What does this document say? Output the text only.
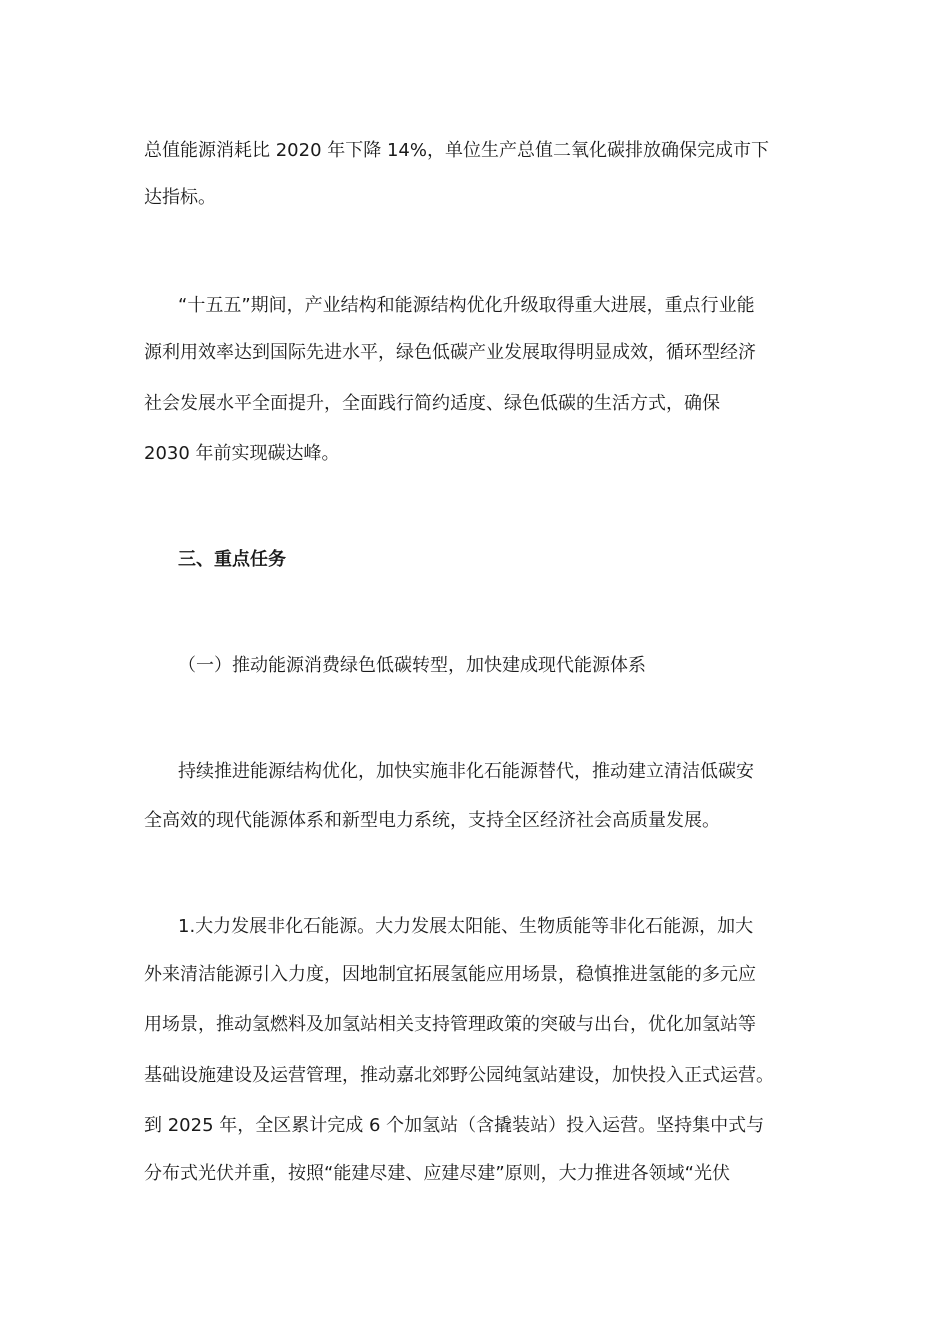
总值能源消耗比 2020 年下降 14%，单位生产总值二氧化碳排放确保完成市下
达指标。
“十五五”期间，产业结构和能源结构优化升级取得重大进展，重点行业能
源利用效率达到国际先进水平，绿色低碳产业发展取得明显成效，循环型经济
社会发展水平全面提升，全面践行简约适度、绿色低碳的生活方式，确保
2030 年前实现碳达峰。
三、重点任务
（一）推动能源消费绿色低碳转型，加快建成现代能源体系
持续推进能源结构优化，加快实施非化石能源替代，推动建立清洁低碳安
全高效的现代能源体系和新型电力系统，支持全区经济社会高质量发展。
1.大力发展非化石能源。大力发展太阳能、生物质能等非化石能源，加大
外来清洁能源引入力度，因地制宜拓展氢能应用场景，稳慎推进氢能的多元应
用场景，推动氢燃料及加氢站相关支持管理政策的突破与出台，优化加氢站等
基础设施建设及运营管理，推动嘉北郊野公园纯氢站建设，加快投入正式运营。
到 2025 年，全区累计完成 6 个加氢站（含撬装站）投入运营。坚持集中式与
分布式光伏并重，按照“能建尽建、应建尽建”原则，大力推进各领域“光伏
